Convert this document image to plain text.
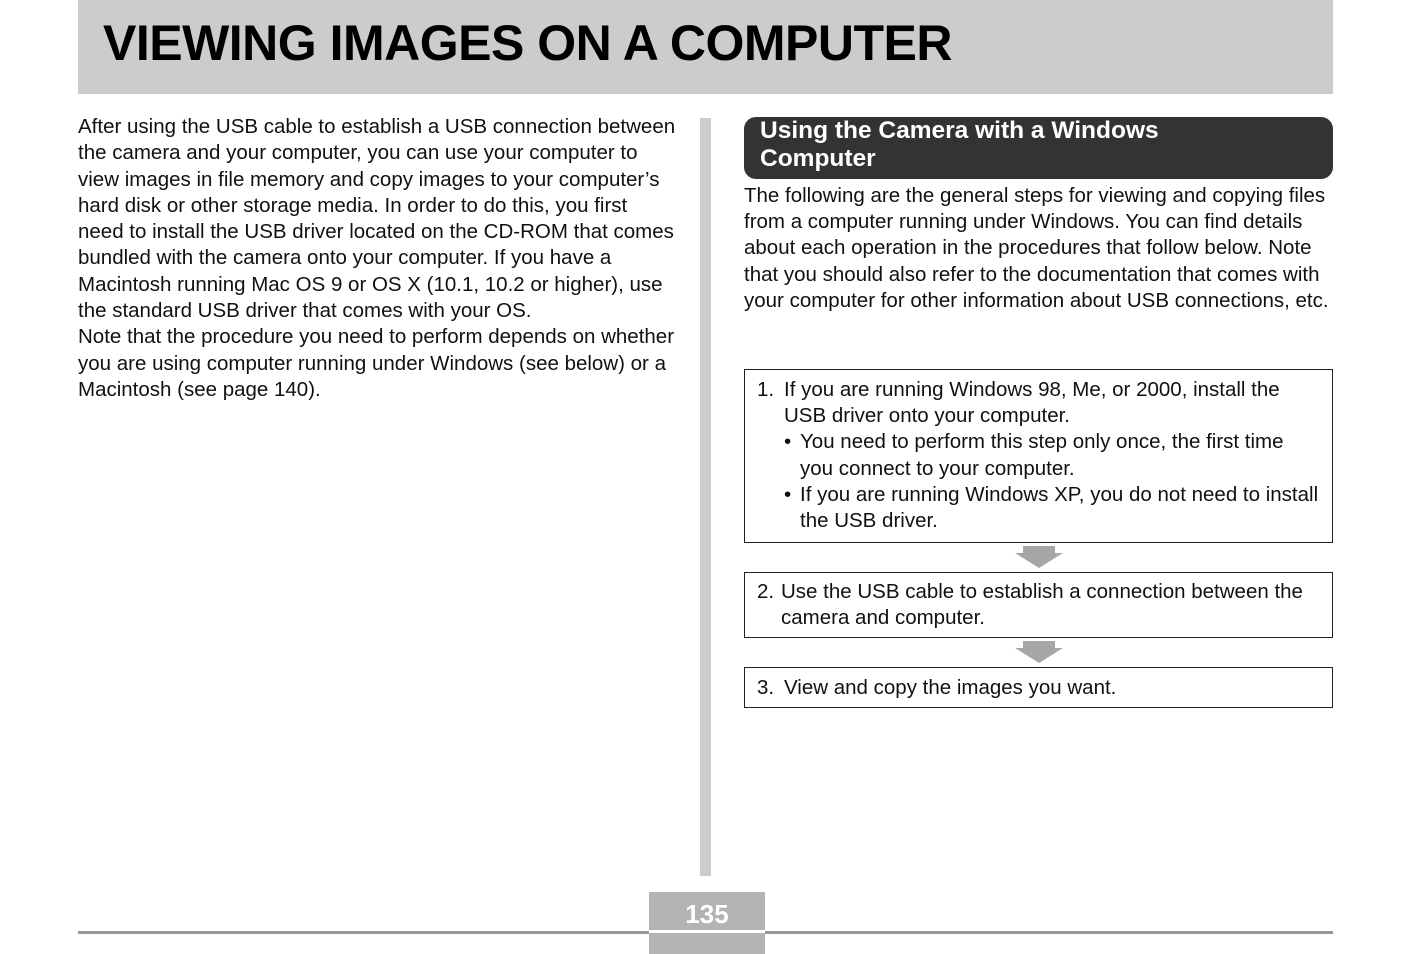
VIEWING IMAGES ON A COMPUTER

After using the USB cable to establish a USB connection between the camera and your computer, you can use your computer to view images in file memory and copy images to your computer’s hard disk or other storage media. In order to do this, you first need to install the USB driver located on the CD-ROM that comes bundled with the camera onto your computer. If you have a Macintosh running Mac OS 9 or OS X (10.1, 10.2 or higher), use the standard USB driver that comes with your OS.

Note that the procedure you need to perform depends on whether you are using computer running under Windows (see below) or a Macintosh (see page 140).

Using the Camera with a Windows
Computer

The following are the general steps for viewing and copying files from a computer running under Windows. You can find details about each operation in the procedures that follow below. Note that you should also refer to the documentation that comes with your computer for other information about USB connections, etc.

1. If you are running Windows 98, Me, or 2000, install the USB driver onto your computer.
• You need to perform this step only once, the first time you connect to your computer.
• If you are running Windows XP, you do not need to install the USB driver.
2. Use the USB cable to establish a connection between the camera and computer.
3. View and copy the images you want.
135
